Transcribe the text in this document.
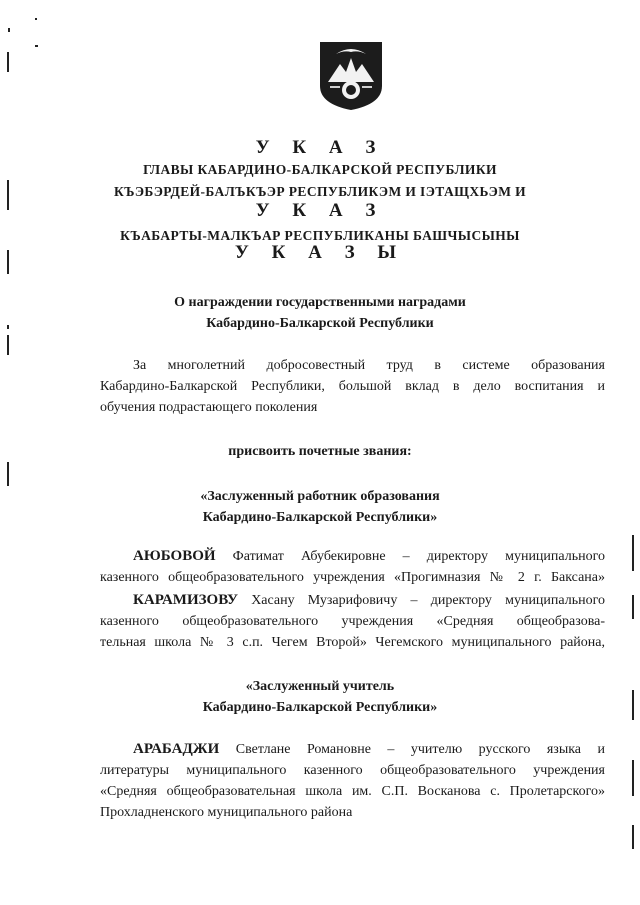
У К А З
ГЛАВЫ КАБАРДИНО-БАЛКАРСКОЙ РЕСПУБЛИКИ
КЪЭБЭРДЕЙ-БАЛЪКЪЭР РЕСПУБЛИКЭМ И IЭТАЩХЬЭМ И
У К А З
КЪАБАРТЫ-МАЛКЪАР РЕСПУБЛИКАНЫ БАШЧЫСЫНЫ
У К А З Ы
О награждении государственными наградами
Кабардино-Балкарской Республики
За многолетний добросовестный труд в системе образования
Кабардино-Балкарской Республики, большой вклад в дело воспитания и
обучения подрастающего поколения
присвоить почетные звания:
«Заслуженный работник образования
Кабардино-Балкарской Республики»
АЮБОВОЙ Фатимат Абубекировне – директору муниципального
казенного общеобразовательного учреждения «Прогимназия № 2 г. Баксана»
КАРАМИЗОВУ Хасану Музарифовичу – директору муниципального
казенного общеобразовательного учреждения «Средняя общеобразова-
тельная школа № 3 с.п. Чегем Второй» Чегемского муниципального района,
«Заслуженный учитель
Кабардино-Балкарской Республики»
АРАБАДЖИ Светлане Романовне – учителю русского языка и
литературы муниципального казенного общеобразовательного учреждения
«Средняя общеобразовательная школа им. С.П. Восканова с. Пролетарского»
Прохладненского муниципального района
